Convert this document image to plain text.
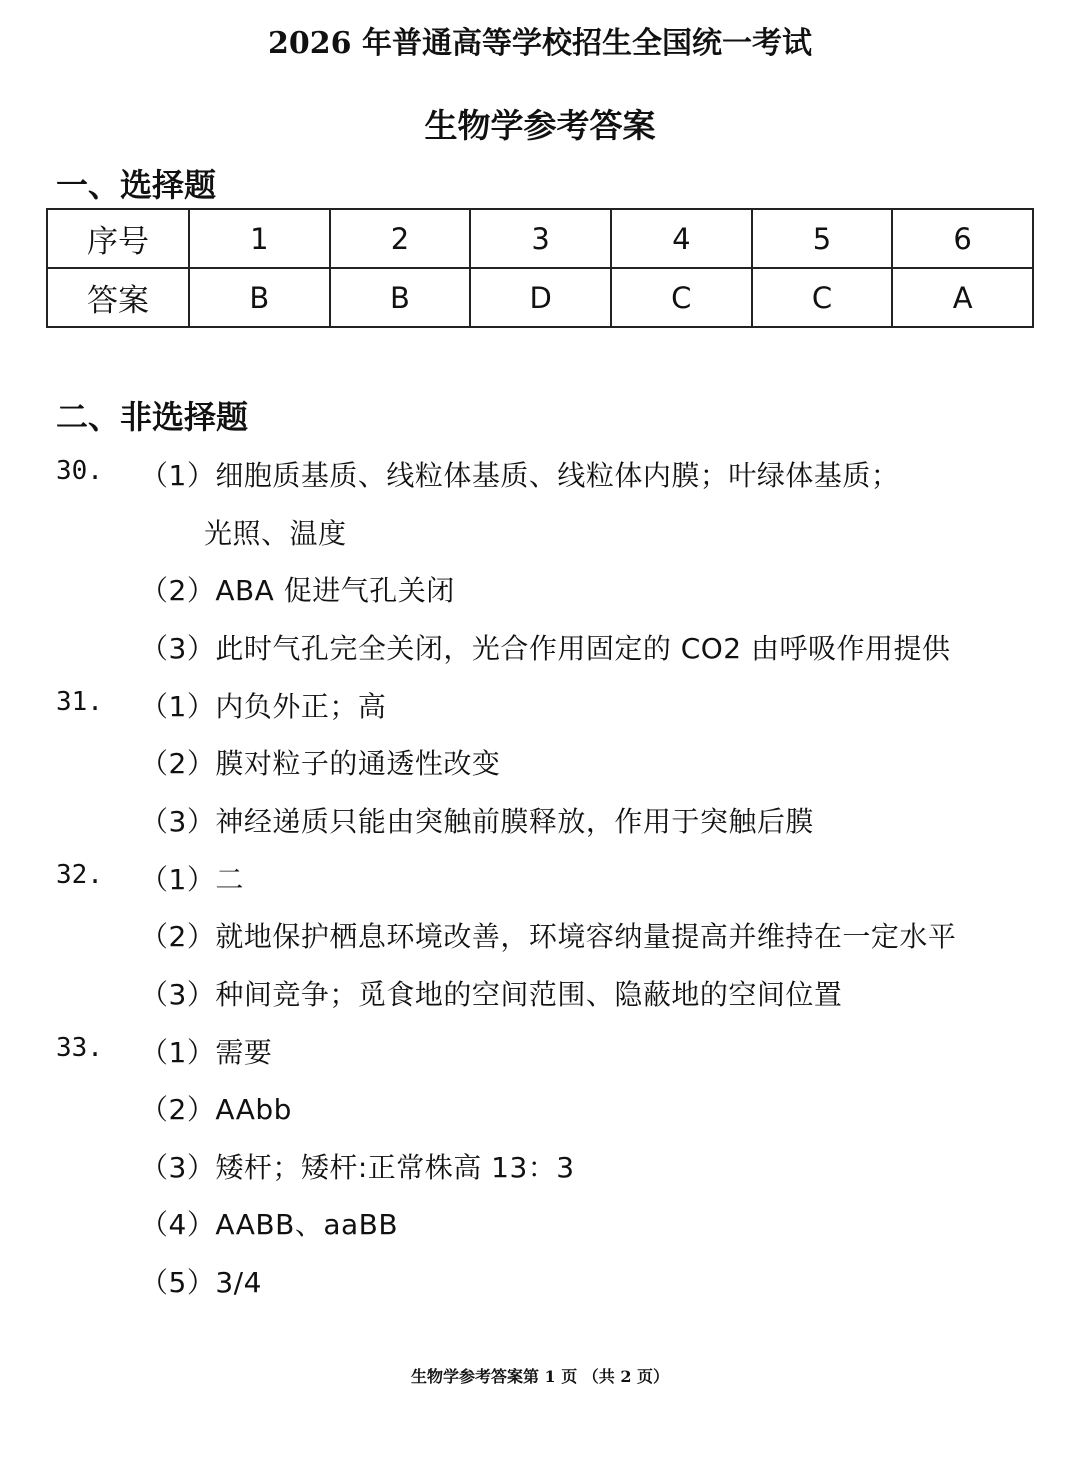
2026 年普通高等学校招生全国统一考试
生物学参考答案
一、选择题
序号	1	2	3	4	5	6
答案	B	B	D	C	C	A
二、非选择题
30. （1）细胞质基质、线粒体基质、线粒体内膜；叶绿体基质；
光照、温度
（2）ABA 促进气孔关闭
（3）此时气孔完全关闭，光合作用固定的 CO2 由呼吸作用提供
31. （1）内负外正；高
（2）膜对粒子的通透性改变
（3）神经递质只能由突触前膜释放，作用于突触后膜
32. （1）二
（2）就地保护栖息环境改善，环境容纳量提高并维持在一定水平
（3）种间竞争；觅食地的空间范围、隐蔽地的空间位置
33. （1）需要
（2）AAbb
（3）矮杆；矮杆:正常株高 13：3
（4）AABB、aaBB
（5）3/4
生物学参考答案第 1 页 （共 2 页）
